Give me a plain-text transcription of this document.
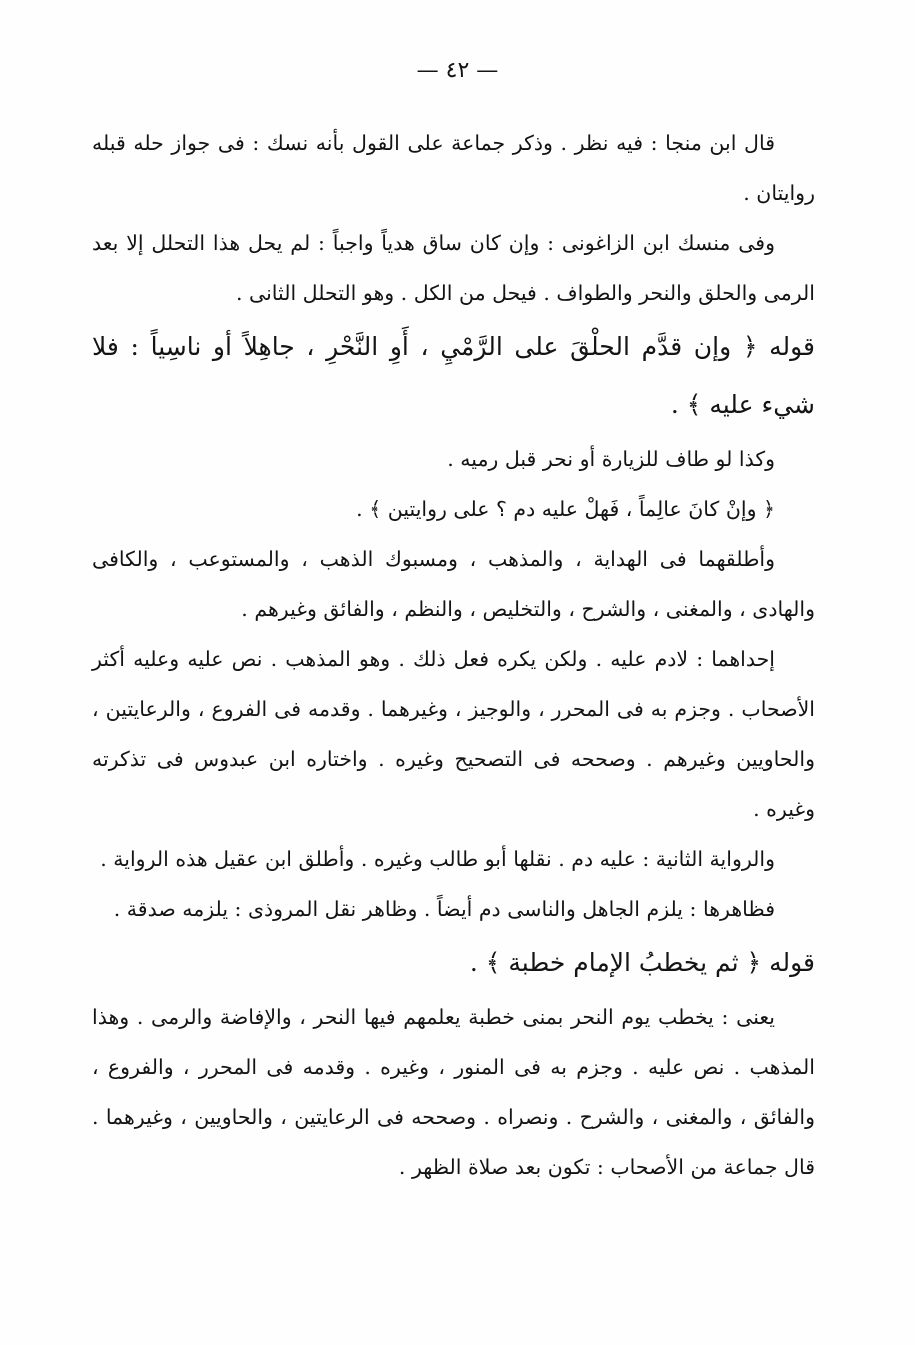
— ٤٢ —

قال ابن منجا : فيه نظر . وذكر جماعة على القول بأنه نسك : فى جواز حله قبله روايتان .

وفى منسك ابن الزاغونى : وإن كان ساق هدياً واجباً : لم يحل هذا التحلل إلا بعد الرمى والحلق والنحر والطواف . فيحل من الكل . وهو التحلل الثانى .

قوله ﴿ وإن قدَّم الحلْقَ على الرَّمْيِ ، أَوِ النَّحْرِ ، جاهِلاً أو ناسِياً : فلا شيء عليه ﴾ .

وكذا لو طاف للزيارة أو نحر قبل رميه .

﴿ وإنْ كانَ عالِماً ، فَهلْ عليه دم ؟ على روايتين ﴾ .

وأطلقهما فى الهداية ، والمذهب ، ومسبوك الذهب ، والمستوعب ، والكافى والهادى ، والمغنى ، والشرح ، والتخليص ، والنظم ، والفائق وغيرهم .

إحداهما : لادم عليه . ولكن يكره فعل ذلك . وهو المذهب . نص عليه وعليه أكثر الأصحاب . وجزم به فى المحرر ، والوجيز ، وغيرهما . وقدمه فى الفروع ، والرعايتين ، والحاويين وغيرهم . وصححه فى التصحيح وغيره . واختاره ابن عبدوس فى تذكرته وغيره .

والرواية الثانية : عليه دم . نقلها أبو طالب وغيره . وأطلق ابن عقيل هذه الرواية .

فظاهرها : يلزم الجاهل والناسى دم أيضاً . وظاهر نقل المروذى : يلزمه صدقة .

قوله ﴿ ثم يخطبُ الإمام خطبة ﴾ .

يعنى : يخطب يوم النحر بمنى خطبة يعلمهم فيها النحر ، والإفاضة والرمى . وهذا المذهب . نص عليه . وجزم به فى المنور ، وغيره . وقدمه فى المحرر ، والفروع ، والفائق ، والمغنى ، والشرح . ونصراه . وصححه فى الرعايتين ، والحاويين ، وغيرهما . قال جماعة من الأصحاب : تكون بعد صلاة الظهر .
